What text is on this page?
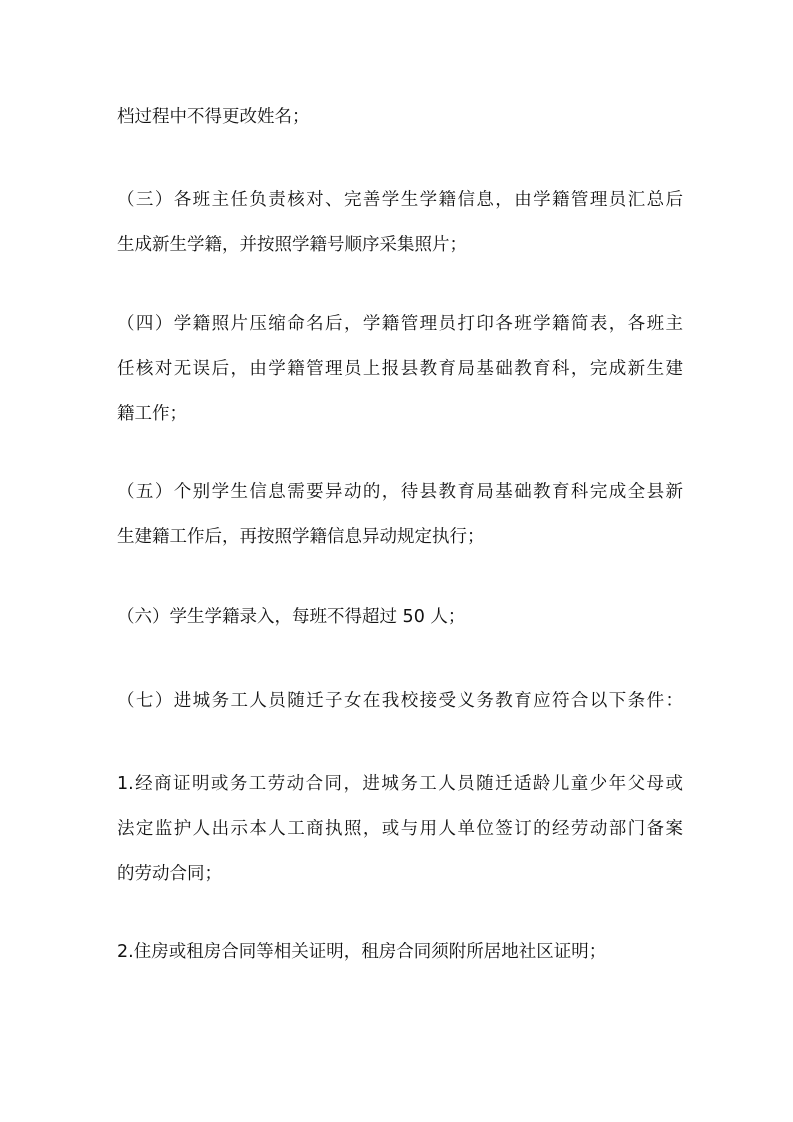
档过程中不得更改姓名；

（三）各班主任负责核对、完善学生学籍信息，由学籍管理员汇总后
生成新生学籍，并按照学籍号顺序采集照片；

（四）学籍照片压缩命名后，学籍管理员打印各班学籍简表，各班主
任核对无误后，由学籍管理员上报县教育局基础教育科，完成新生建
籍工作；

（五）个别学生信息需要异动的，待县教育局基础教育科完成全县新
生建籍工作后，再按照学籍信息异动规定执行；

（六）学生学籍录入，每班不得超过 50 人；

（七）进城务工人员随迁子女在我校接受义务教育应符合以下条件：

1.经商证明或务工劳动合同，进城务工人员随迁适龄儿童少年父母或
法定监护人出示本人工商执照，或与用人单位签订的经劳动部门备案
的劳动合同；

2.住房或租房合同等相关证明，租房合同须附所居地社区证明；
